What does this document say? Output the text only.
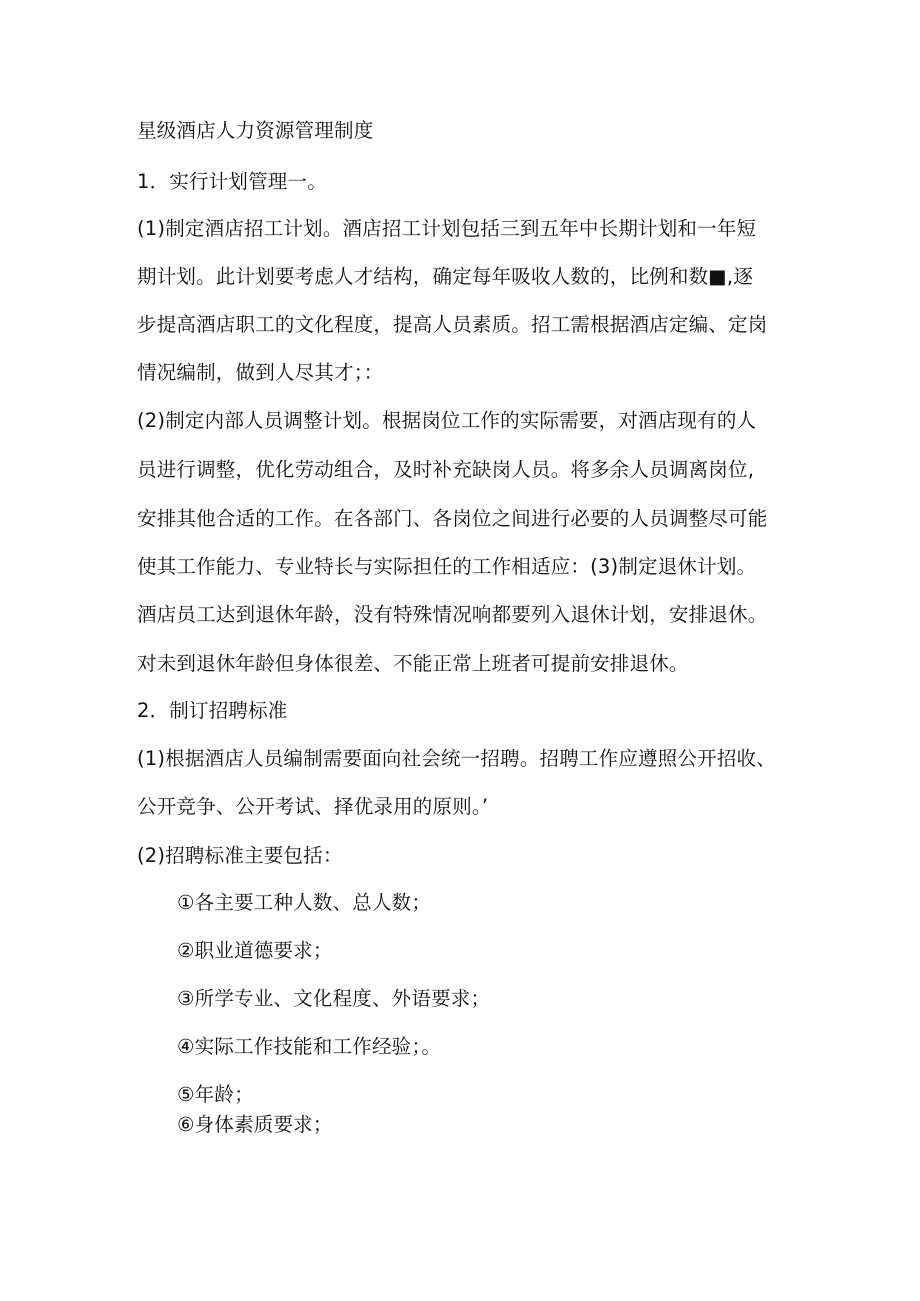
星级酒店人力资源管理制度
1．实行计划管理一。
(1)制定酒店招工计划。酒店招工计划包括三到五年中长期计划和一年短
期计划。此计划要考虑人才结构，确定每年吸收人数的，比例和数■,逐
步提高酒店职工的文化程度，提高人员素质。招工需根据酒店定编、定岗
情况编制，做到人尽其才；：
(2)制定内部人员调整计划。根据岗位工作的实际需要，对酒店现有的人
员进行调整，优化劳动组合，及时补充缺岗人员。将多余人员调离岗位,
安排其他合适的工作。在各部门、各岗位之间进行必要的人员调整尽可能
使其工作能力、专业特长与实际担任的工作相适应：(3)制定退休计划。
酒店员工达到退休年龄，没有特殊情况响都要列入退休计划，安排退休。
对未到退休年龄但身体很差、不能正常上班者可提前安排退休。
2．制订招聘标准
(1)根据酒店人员编制需要面向社会统一招聘。招聘工作应遵照公开招收、
公开竞争、公开考试、择优录用的原则。’
(2)招聘标准主要包括：
①各主要工种人数、总人数；
②职业道德要求；
③所学专业、文化程度、外语要求；
④实际工作技能和工作经验；。
⑤年龄；
⑥身体素质要求；
